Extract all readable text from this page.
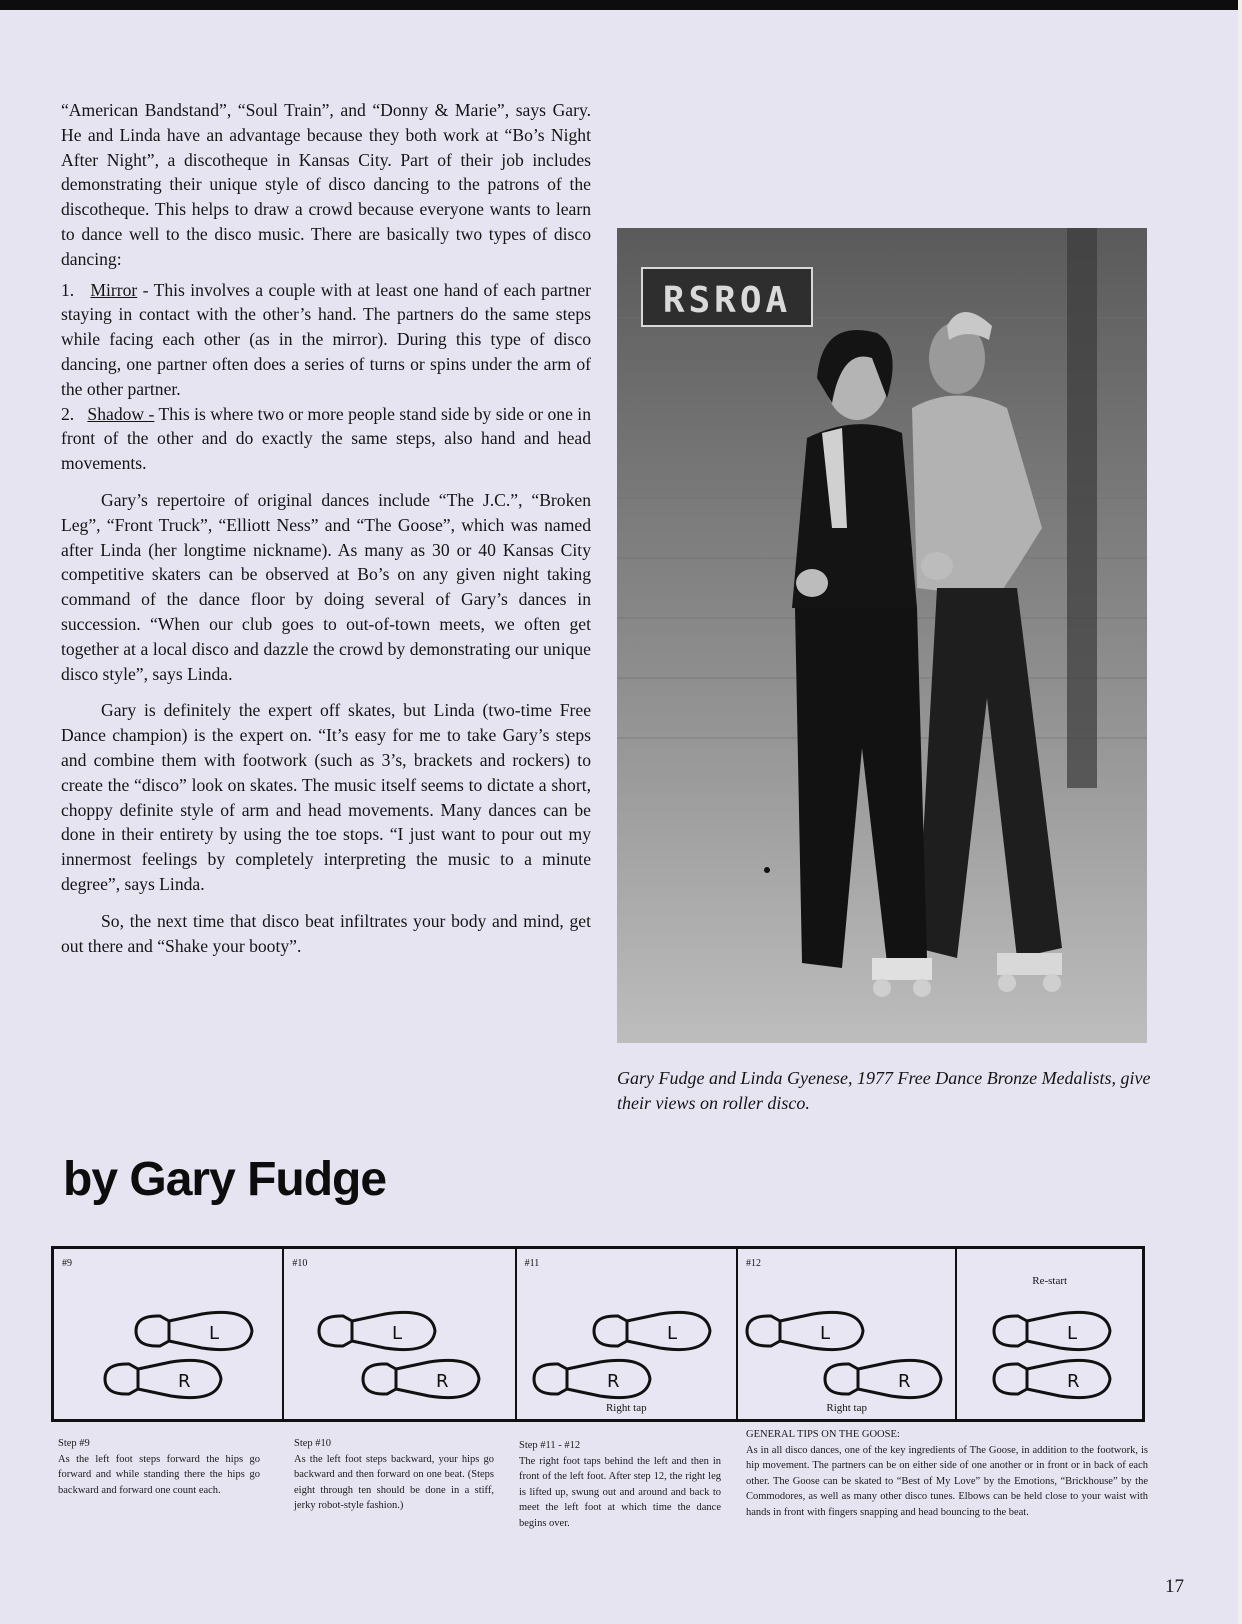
“American Bandstand”, “Soul Train”, and “Donny & Marie”, says Gary. He and Linda have an advantage because they both work at “Bo’s Night After Night”, a discotheque in Kansas City. Part of their job includes demonstrating their unique style of disco dancing to the patrons of the discotheque. This helps to draw a crowd because everyone wants to learn to dance well to the disco music. There are basically two types of disco dancing:

1. Mirror - This involves a couple with at least one hand of each partner staying in contact with the other’s hand. The partners do the same steps while facing each other (as in the mirror). During this type of disco dancing, one partner often does a series of turns or spins under the arm of the other partner.

2. Shadow - This is where two or more people stand side by side or one in front of the other and do exactly the same steps, also hand and head movements.

Gary’s repertoire of original dances include “The J.C.”, “Broken Leg”, “Front Truck”, “Elliott Ness” and “The Goose”, which was named after Linda (her longtime nickname). As many as 30 or 40 Kansas City competitive skaters can be observed at Bo’s on any given night taking command of the dance floor by doing several of Gary’s dances in succession. “When our club goes to out-of-town meets, we often get together at a local disco and dazzle the crowd by demonstrating our unique disco style”, says Linda.

Gary is definitely the expert off skates, but Linda (two-time Free Dance champion) is the expert on. “It’s easy for me to take Gary’s steps and combine them with footwork (such as 3’s, brackets and rockers) to create the “disco” look on skates. The music itself seems to dictate a short, choppy definite style of arm and head movements. Many dances can be done in their entirety by using the toe stops. “I just want to pour out my innermost feelings by completely interpreting the music to a minute degree”, says Linda.

So, the next time that disco beat infiltrates your body and mind, get out there and “Shake your booty”.

RSROA
Gary Fudge and Linda Gyenese, 1977 Free Dance Bronze Medalists, give their views on roller disco.
by Gary Fudge
#9
L
R
#10
L
R
#11
L
R
Right tap
#12
L
R
Right tap
Re-start
L
R
Step #9
As the left foot steps forward the hips go forward and while standing there the hips go backward and forward one count each.
Step #10
As the left foot steps backward, your hips go backward and then forward on one beat. (Steps eight through ten should be done in a stiff, jerky robot-style fashion.)
Step #11 - #12
The right foot taps behind the left and then in front of the left foot. After step 12, the right leg is lifted up, swung out and around and back to meet the left foot at which time the dance begins over.
GENERAL TIPS ON THE GOOSE:
As in all disco dances, one of the key ingredients of The Goose, in addition to the footwork, is hip movement. The partners can be on either side of one another or in front or in back of each other. The Goose can be skated to “Best of My Love” by the Emotions, “Brickhouse” by the Commodores, as well as many other disco tunes. Elbows can be held close to your waist with hands in front with fingers snapping and head bouncing to the beat.
17
